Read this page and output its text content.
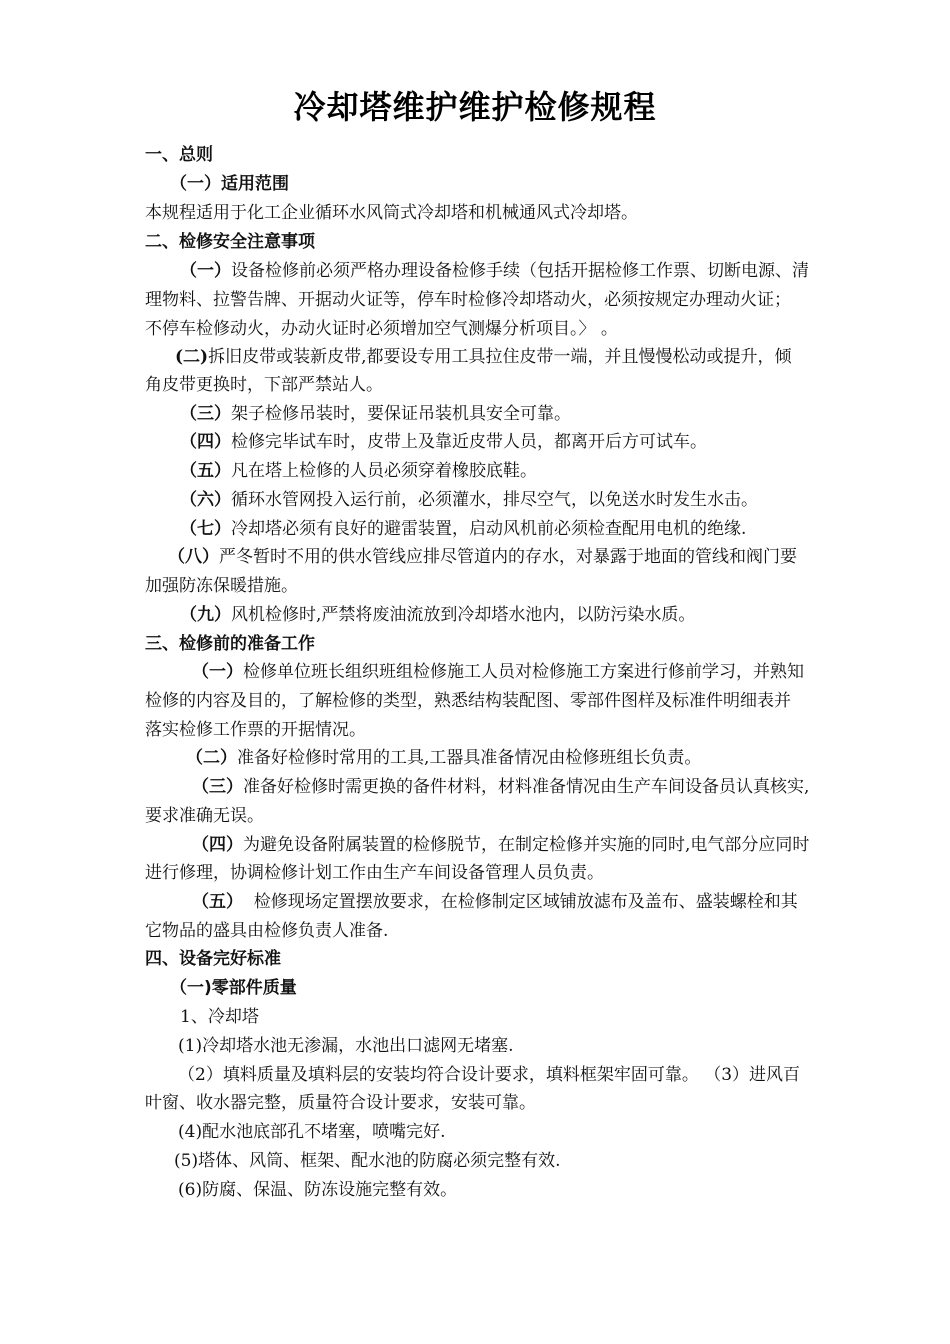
冷却塔维护维护检修规程
一、总则
（一）适用范围
本规程适用于化工企业循环水风筒式冷却塔和机械通风式冷却塔。
二、检修安全注意事项
（一）设备检修前必须严格办理设备检修手续（包括开据检修工作票、切断电源、清
理物料、拉警告牌、开据动火证等，停车时检修冷却塔动火，必须按规定办理动火证；
不停车检修动火，办动火证时必须增加空气测爆分析项目。〉 。
(二)拆旧皮带或装新皮带,都要设专用工具拉住皮带一端，并且慢慢松动或提升，倾
角皮带更换时，下部严禁站人。
（三）架子检修吊装时，要保证吊装机具安全可靠。
（四）检修完毕试车时，皮带上及靠近皮带人员，都离开后方可试车。
（五）凡在塔上检修的人员必须穿着橡胶底鞋。
（六）循环水管网投入运行前，必须灌水，排尽空气，以免送水时发生水击。
（七）冷却塔必须有良好的避雷装置，启动风机前必须检查配用电机的绝缘.
（八）严冬暂时不用的供水管线应排尽管道内的存水，对暴露于地面的管线和阀门要
加强防冻保暖措施。
（九）风机检修时,严禁将废油流放到冷却塔水池内，以防污染水质。
三、检修前的准备工作
（一）检修单位班长组织班组检修施工人员对检修施工方案进行修前学习，并熟知
检修的内容及目的，了解检修的类型，熟悉结构装配图、零部件图样及标准件明细表并
落实检修工作票的开据情况。
（二）准备好检修时常用的工具,工器具准备情况由检修班组长负责。
（三）准备好检修时需更换的备件材料，材料准备情况由生产车间设备员认真核实,
要求准确无误。
（四）为避免设备附属装置的检修脱节，在制定检修并实施的同时,电气部分应同时
进行修理，协调检修计划工作由生产车间设备管理人员负责。
（五）  检修现场定置摆放要求，在检修制定区域铺放滤布及盖布、盛装螺栓和其
它物品的盛具由检修负责人准备.
四、设备完好标准
（一)零部件质量
1、冷却塔
(1)冷却塔水池无渗漏，水池出口滤网无堵塞.
（2）填料质量及填料层的安装均符合设计要求，填料框架牢固可靠。 （3）进风百
叶窗、收水器完整，质量符合设计要求，安装可靠。
(4)配水池底部孔不堵塞，喷嘴完好.
(5)塔体、风筒、框架、配水池的防腐必须完整有效.
(6)防腐、保温、防冻设施完整有效。
